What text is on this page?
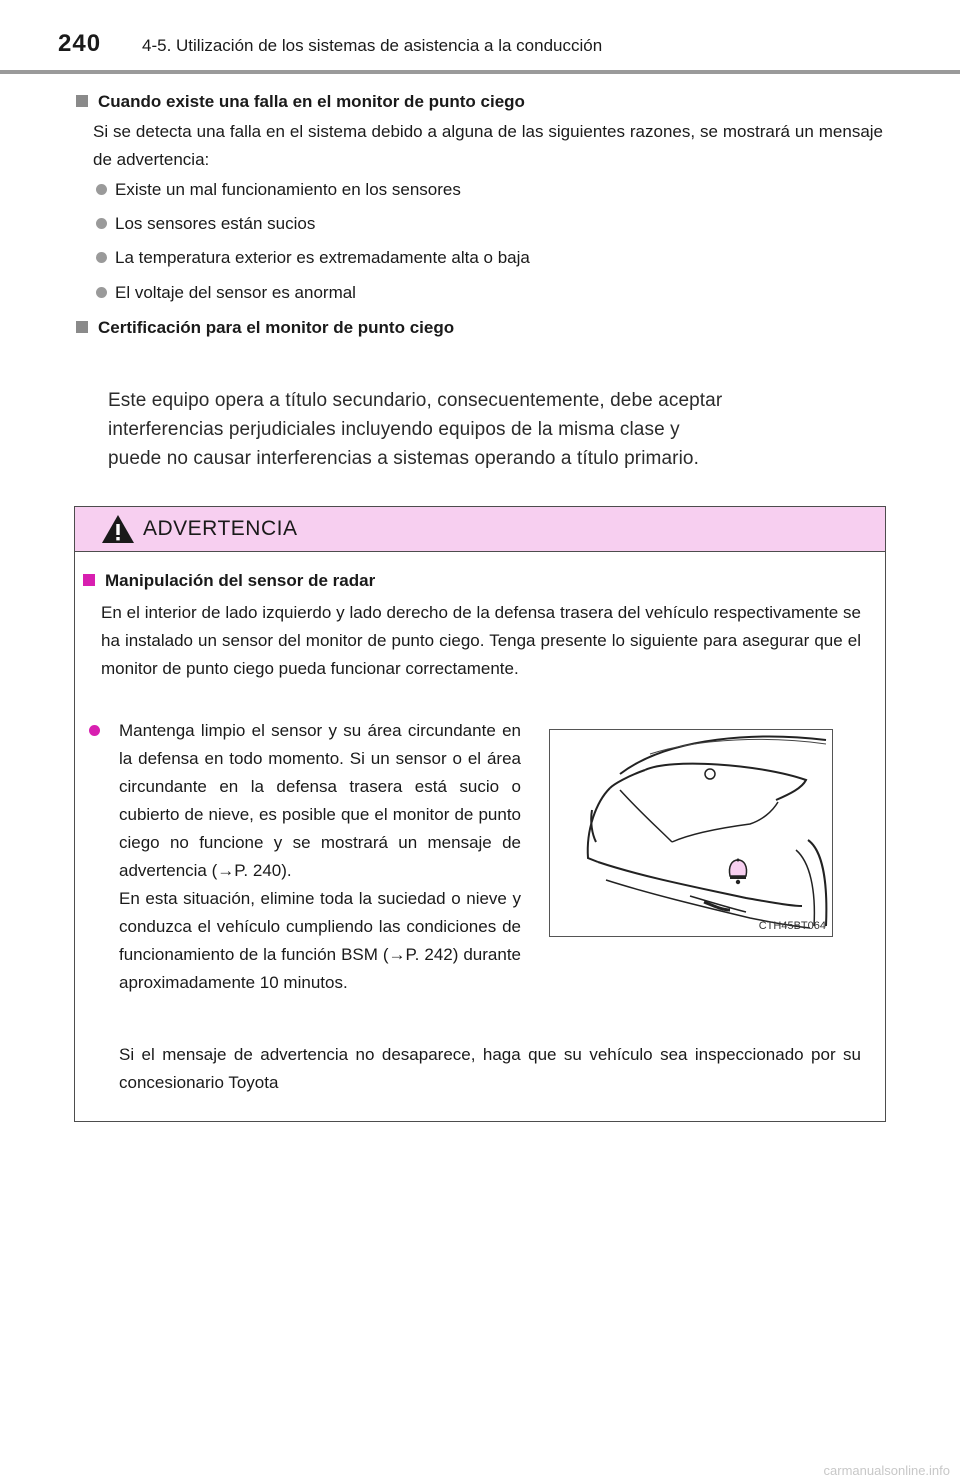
240 4-5. Utilización de los sistemas de asistencia a la conducción
Cuando existe una falla en el monitor de punto ciego
Si se detecta una falla en el sistema debido a alguna de las siguientes razones, se mostrará un mensaje de advertencia:
Existe un mal funcionamiento en los sensores
Los sensores están sucios
La temperatura exterior es extremadamente alta o baja
El voltaje del sensor es anormal
Certificación para el monitor de punto ciego
Este equipo opera a título secundario, consecuentemente, debe aceptar
interferencias perjudiciales incluyendo equipos de la misma clase y
puede no causar interferencias a sistemas operando a título primario.
ADVERTENCIA
Manipulación del sensor de radar
En el interior de lado izquierdo y lado derecho de la defensa trasera del vehículo respectivamente se ha instalado un sensor del monitor de punto ciego. Tenga presente lo siguiente para asegurar que el monitor de punto ciego pueda funcionar correctamente.
Mantenga limpio el sensor y su área circundante en la defensa en todo momento. Si un sensor o el área circundante en la defensa trasera está sucio o cubierto de nieve, es posible que el monitor de punto ciego no funcione y se mostrará un mensaje de advertencia (→P. 240).
En esta situación, elimine toda la suciedad o nieve y conduzca el vehículo cumpliendo las condiciones de funcionamiento de la función BSM (→P. 242) durante aproximadamente 10 minutos.
CTH45BT064
Si el mensaje de advertencia no desaparece, haga que su vehículo sea inspeccionado por su concesionario Toyota
carmanualsonline.info
